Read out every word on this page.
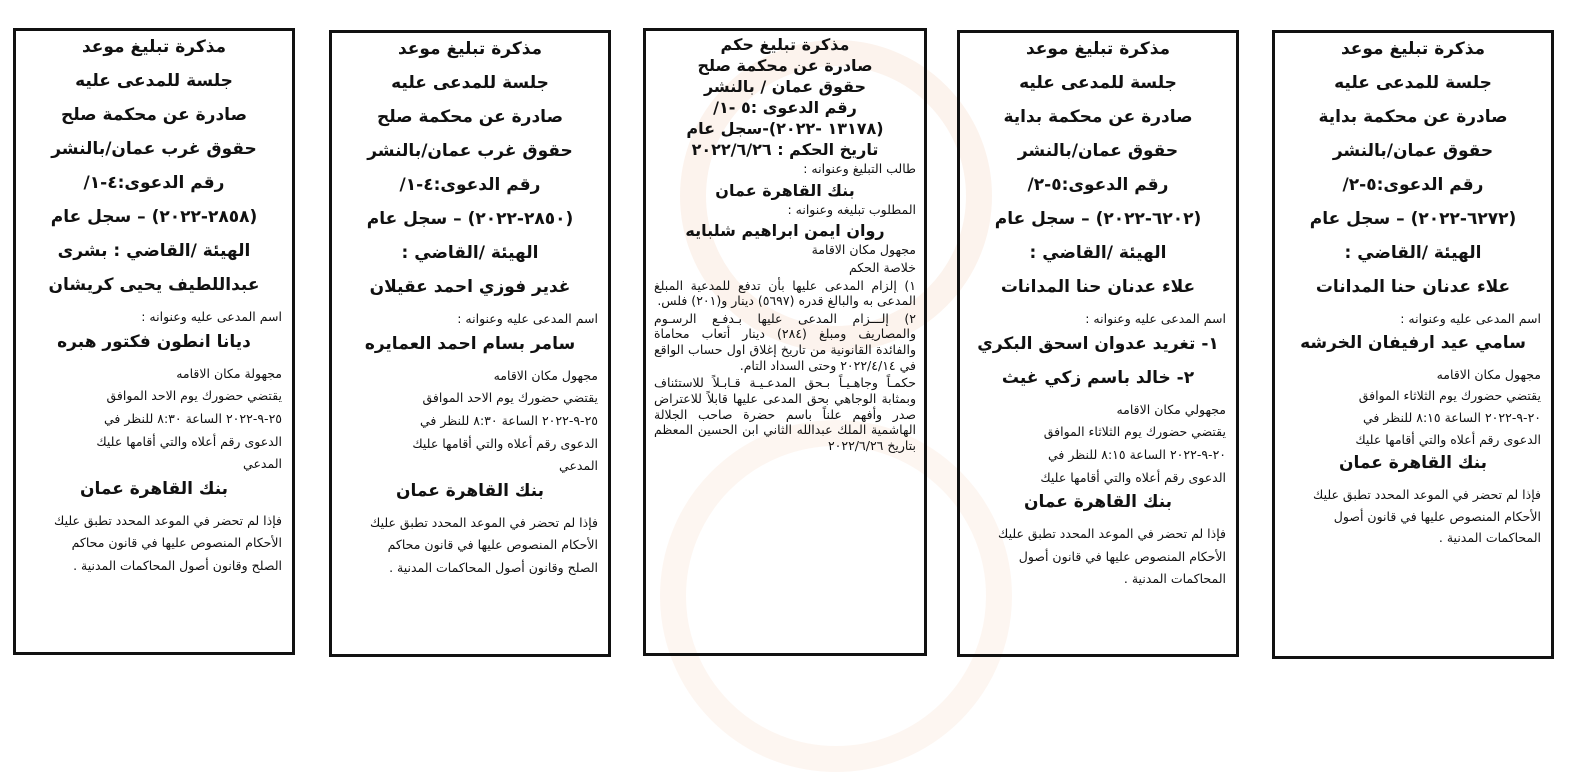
مذكرة تبليغ موعد
جلسة للمدعى عليه
صادرة عن محكمة صلح
حقوق غرب عمان/بالنشر
رقم الدعوى:٤-١/
(٢٨٥٨-٢٠٢٢) – سجل عام
الهيئة /القاضي : بشرى
عبداللطيف يحيى كريشان
اسم المدعى عليه وعنوانه :
ديانا انطون فكتور هبره
مجهولة مكان الاقامه
يقتضي حضورك يوم الاحد الموافق
٢٥-٩-٢٠٢٢ الساعة ٨:٣٠ للنظر في
الدعوى رقم أعلاه والتي أقامها عليك
المدعي
بنك القاهرة عمان
فإذا لم تحضر في الموعد المحدد تطبق عليك
الأحكام المنصوص عليها في قانون محاكم
الصلح وقانون أصول المحاكمات المدنية .
مذكرة تبليغ موعد
جلسة للمدعى عليه
صادرة عن محكمة صلح
حقوق غرب عمان/بالنشر
رقم الدعوى:٤-١/
(٢٨٥٠-٢٠٢٢) – سجل عام
الهيئة /القاضي :
غدير فوزي احمد عقيلان
اسم المدعى عليه وعنوانه :
سامر بسام احمد العمايره
مجهول مكان الاقامه
يقتضي حضورك يوم الاحد الموافق
٢٥-٩-٢٠٢٢ الساعة ٨:٣٠ للنظر في
الدعوى رقم أعلاه والتي أقامها عليك
المدعي
بنك القاهرة عمان
فإذا لم تحضر في الموعد المحدد تطبق عليك
الأحكام المنصوص عليها في قانون محاكم
الصلح وقانون أصول المحاكمات المدنية .
مذكرة تبليغ حكم
صادرة عن محكمة صلح
حقوق عمان / بالنشر
رقم الدعوى :٥ -١/
(١٣١٧٨ -٢٠٢٢)-سجل عام
تاريخ الحكم : ٢٠٢٢/٦/٢٦
طالب التبليغ وعنوانه :
بنك القاهرة عمان
المطلوب تبليغه وعنوانه :
روان ايمن ابراهيم شلبايه
مجهول مكان الاقامة
خلاصة الحكم
١) إلزام المدعى عليها بأن تدفع للمدعية المبلغ المدعى به والبالغ قدره (٥٦٩٧) دينار و(٢٠١) فلس.
٢) إلـــزام المدعى عليها بـدفـع الرسـوم والمصاريف ومبلغ (٢٨٤) دينار أتعاب محاماة والفائدة القانونية من تاريخ إغلاق اول حساب الواقع في ٢٠٢٢/٤/١٤ وحتى السداد التام.
حكمـاً وجاهـيـاً بـحق المدعـيـة قـابـلاً للاستئناف وبمثابة الوجاهي بحق المدعى عليها قابلاً للاعتراض صدر وأفهم علناً باسم حضرة صاحب الجلالة الهاشمية الملك عبدالله الثاني ابن الحسين المعظم بتاريخ ٢٠٢٢/٦/٢٦
مذكرة تبليغ موعد
جلسة للمدعى عليه
صادرة عن محكمة بداية
حقوق عمان/بالنشر
رقم الدعوى:٥-٢/
(٦٢٠٢-٢٠٢٢) – سجل عام
الهيئة /القاضي :
علاء عدنان حنا المدانات
اسم المدعى عليه وعنوانه :
١- تغريد عدوان اسحق البكري
٢- خالد باسم زكي غيث
مجهولي مكان الاقامه
يقتضي حضورك يوم الثلاثاء الموافق
٢٠-٩-٢٠٢٢ الساعة ٨:١٥ للنظر في
الدعوى رقم أعلاه والتي أقامها عليك
بنك القاهرة عمان
فإذا لم تحضر في الموعد المحدد تطبق عليك
الأحكام المنصوص عليها في قانون أصول
المحاكمات المدنية .
مذكرة تبليغ موعد
جلسة للمدعى عليه
صادرة عن محكمة بداية
حقوق عمان/بالنشر
رقم الدعوى:٥-٢/
(٦٢٧٢-٢٠٢٢) – سجل عام
الهيئة /القاضي :
علاء عدنان حنا المدانات
اسم المدعى عليه وعنوانه :
سامي عيد ارفيفان الخرشه
مجهول مكان الاقامه
يقتضي حضورك يوم الثلاثاء الموافق
٢٠-٩-٢٠٢٢ الساعة ٨:١٥ للنظر في
الدعوى رقم أعلاه والتي أقامها عليك
بنك القاهرة عمان
فإذا لم تحضر في الموعد المحدد تطبق عليك
الأحكام المنصوص عليها في قانون أصول
المحاكمات المدنية .
